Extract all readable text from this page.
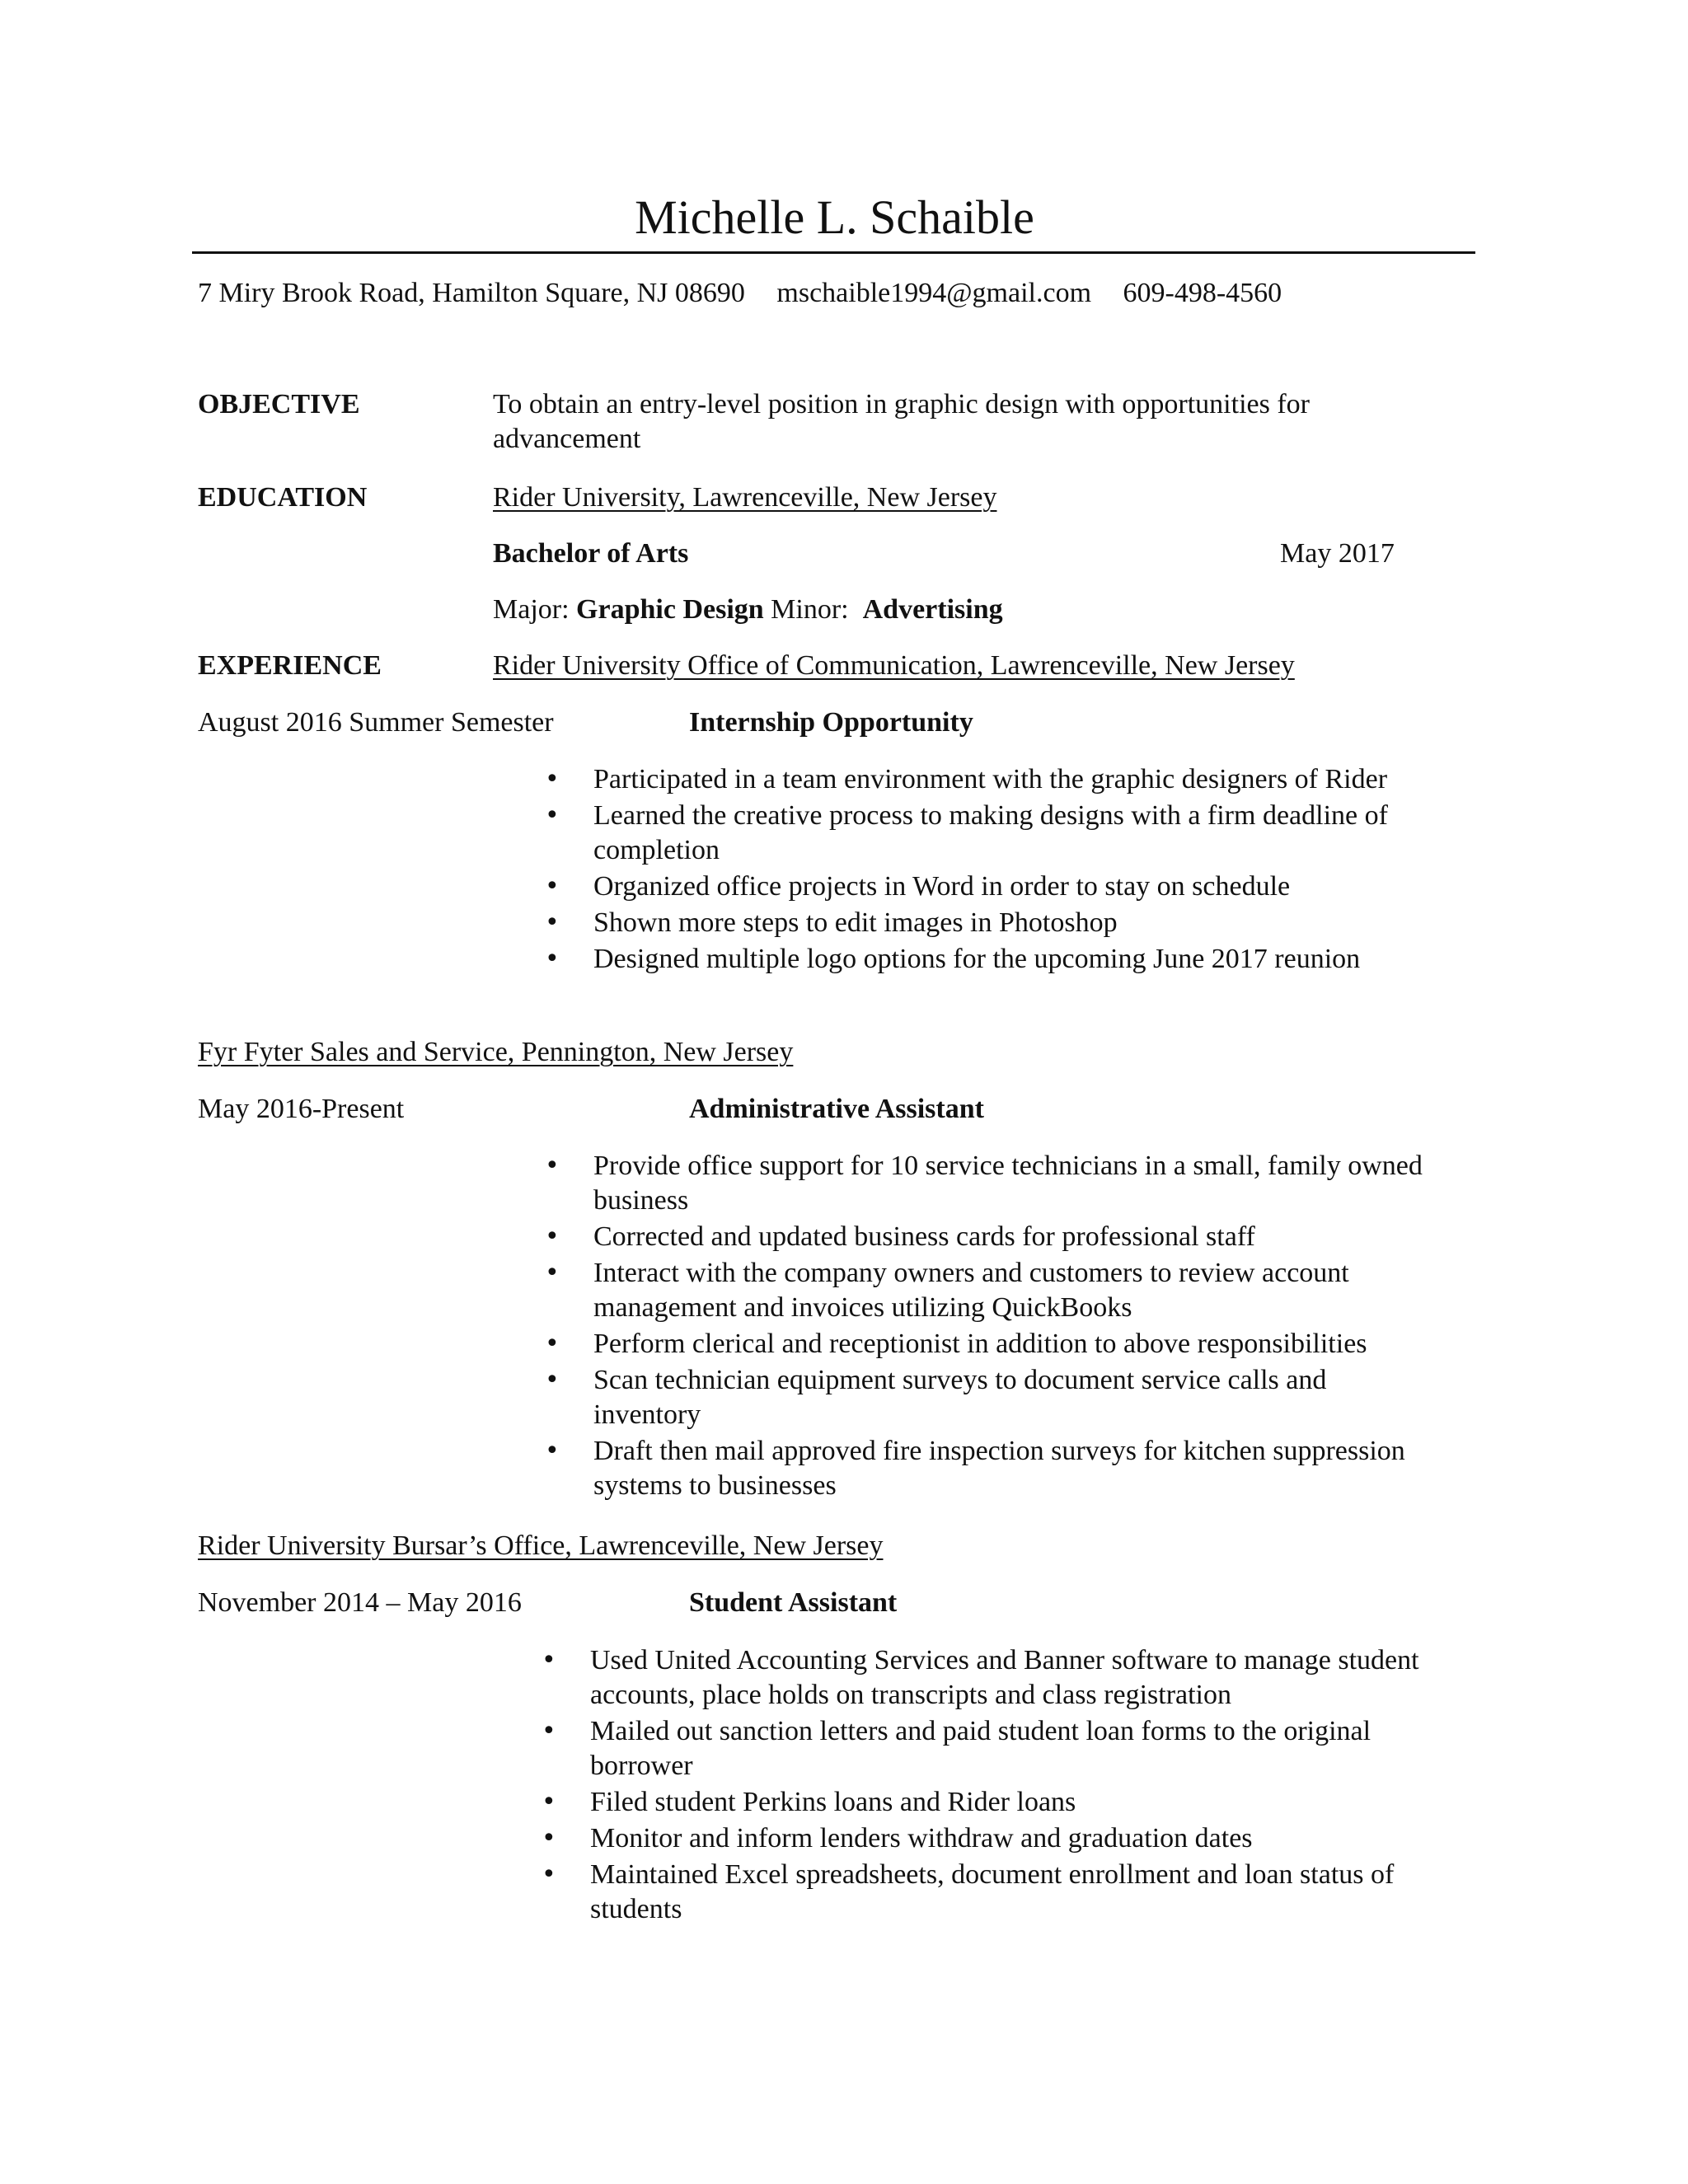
Michelle L. Schaible
7 Miry Brook Road, Hamilton Square, NJ 08690 mschaible1994@gmail.com 609-498-4560
OBJECTIVE	To obtain an entry-level position in graphic design with opportunities for advancement
EDUCATION	Rider University, Lawrenceville, New Jersey
Bachelor of Arts	May 2017
Major: Graphic Design Minor: Advertising
EXPERIENCE	Rider University Office of Communication, Lawrenceville, New Jersey
August 2016 Summer Semester	Internship Opportunity
• Participated in a team environment with the graphic designers of Rider
• Learned the creative process to making designs with a firm deadline of completion
• Organized office projects in Word in order to stay on schedule
• Shown more steps to edit images in Photoshop
• Designed multiple logo options for the upcoming June 2017 reunion
Fyr Fyter Sales and Service, Pennington, New Jersey
May 2016-Present	Administrative Assistant
• Provide office support for 10 service technicians in a small, family owned business
• Corrected and updated business cards for professional staff
• Interact with the company owners and customers to review account management and invoices utilizing QuickBooks
• Perform clerical and receptionist in addition to above responsibilities
• Scan technician equipment surveys to document service calls and inventory
• Draft then mail approved fire inspection surveys for kitchen suppression systems to businesses
Rider University Bursar’s Office, Lawrenceville, New Jersey
November 2014 – May 2016	Student Assistant
• Used United Accounting Services and Banner software to manage student accounts, place holds on transcripts and class registration
• Mailed out sanction letters and paid student loan forms to the original borrower
• Filed student Perkins loans and Rider loans
• Monitor and inform lenders withdraw and graduation dates
• Maintained Excel spreadsheets, document enrollment and loan status of students
